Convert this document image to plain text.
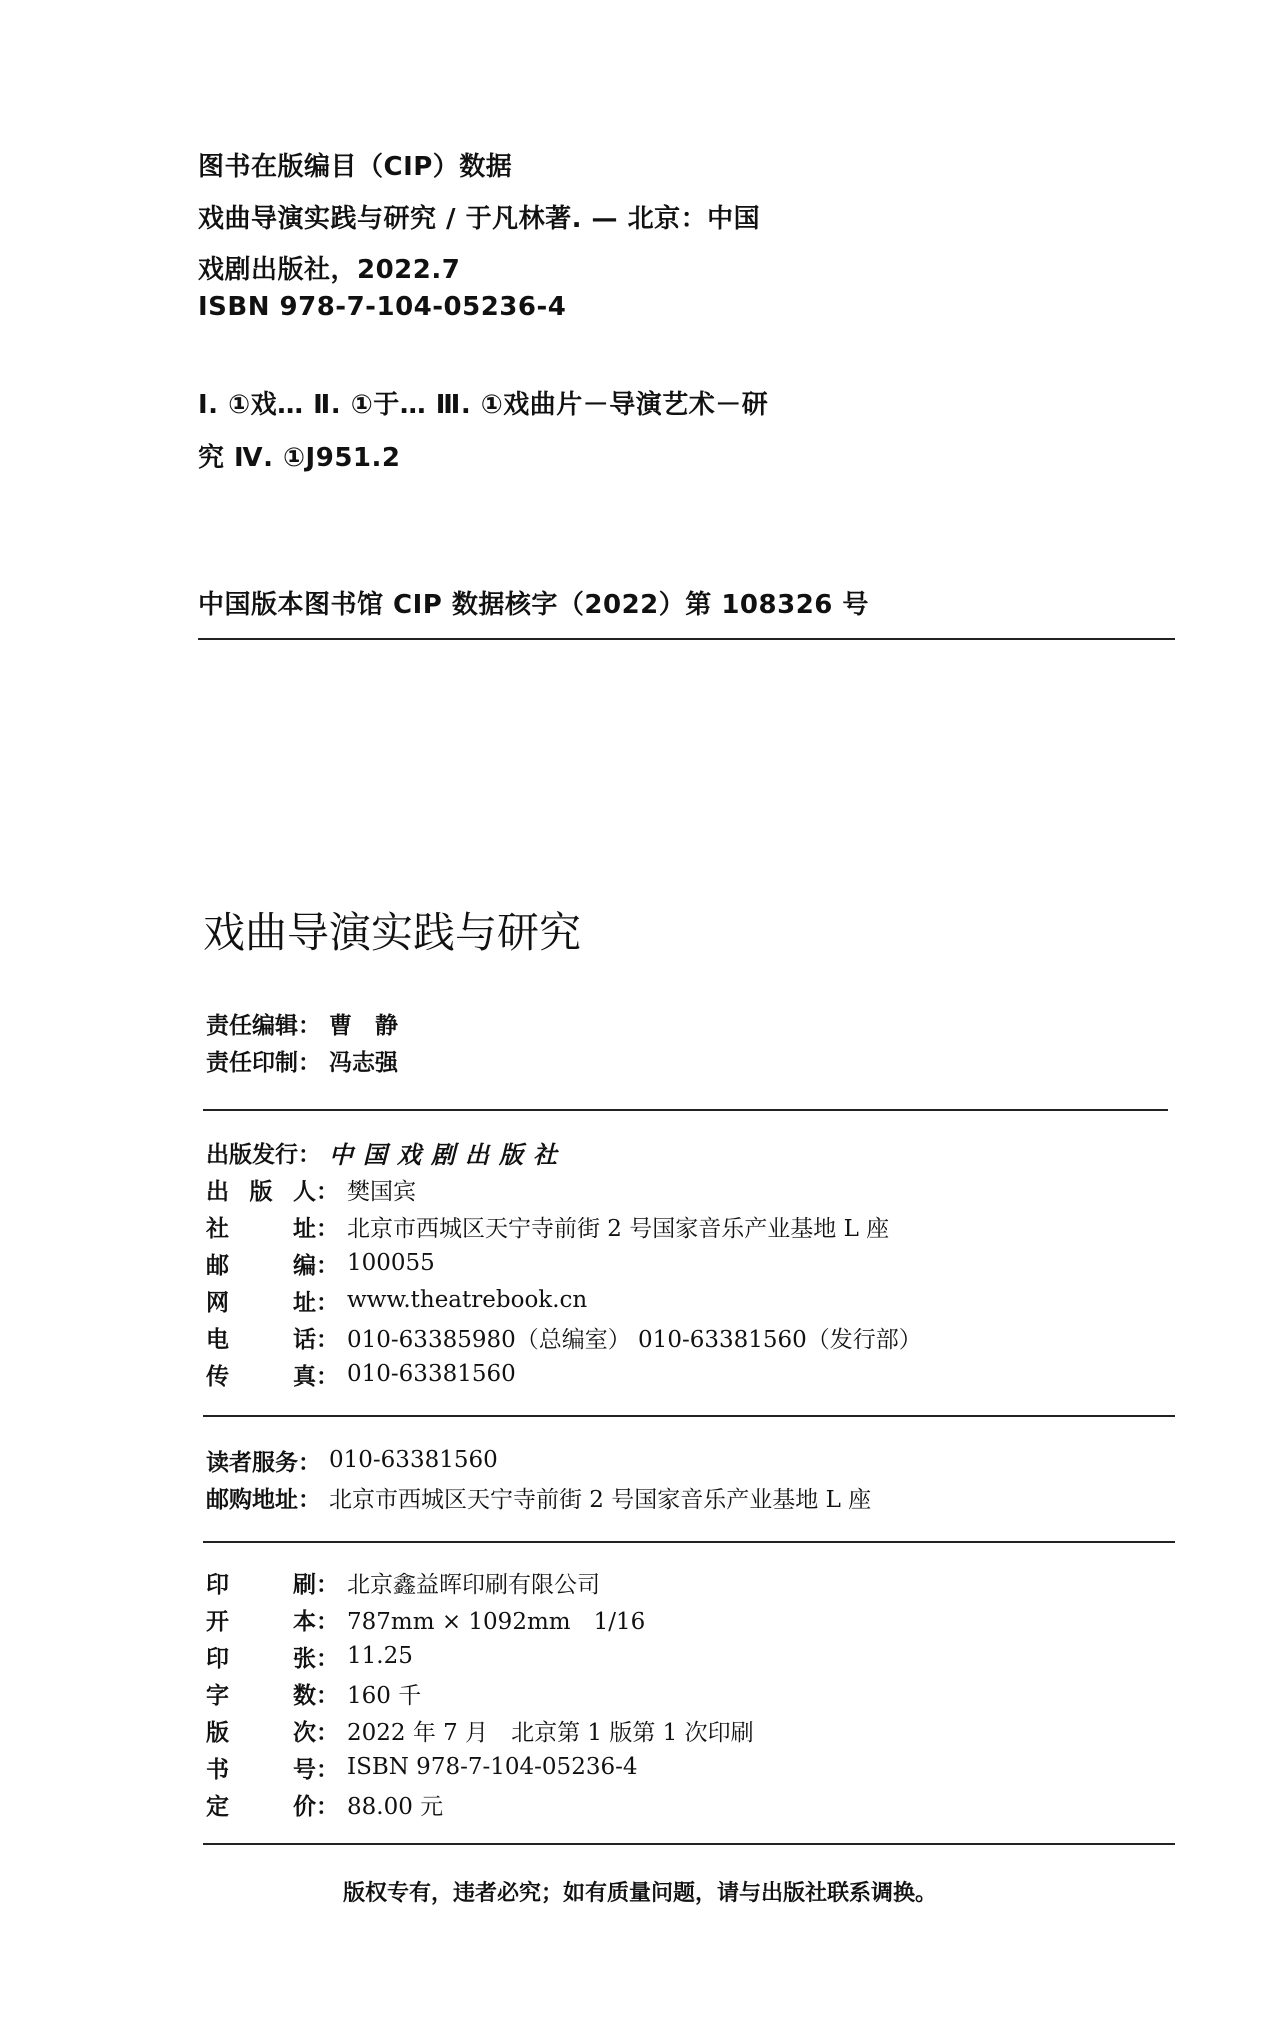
图书在版编目（CIP）数据
戏曲导演实践与研究 / 于凡林著. — 北京：中国
戏剧出版社，2022.7
ISBN 978-7-104-05236-4
Ⅰ. ①戏… Ⅱ. ①于… Ⅲ. ①戏曲片－导演艺术－研
究 Ⅳ. ①J951.2
中国版本图书馆 CIP 数据核字（2022）第 108326 号
戏曲导演实践与研究
责任编辑 ： 曹　静
责任印制 ： 冯志强
出版发行 ： 中国戏剧出版社
出 版 人 ： 樊国宾
社	址 ： 北京市西城区天宁寺前街 2 号国家音乐产业基地 L 座
邮	编 ： 100055
网	址 ： www.theatrebook.cn
电	话 ： 010-63385980（总编室） 010-63381560（发行部）
传	真 ： 010-63381560
读者服务 ： 010-63381560
邮购地址 ： 北京市西城区天宁寺前街 2 号国家音乐产业基地 L 座
印	刷 ： 北京鑫益晖印刷有限公司
开	本 ： 787mm × 1092mm　1/16
印	张 ： 11.25
字	数 ： 160 千
版	次 ： 2022 年 7 月　北京第 1 版第 1 次印刷
书	号 ： ISBN 978-7-104-05236-4
定	价 ： 88.00 元
版权专有，违者必究；如有质量问题，请与出版社联系调换。
